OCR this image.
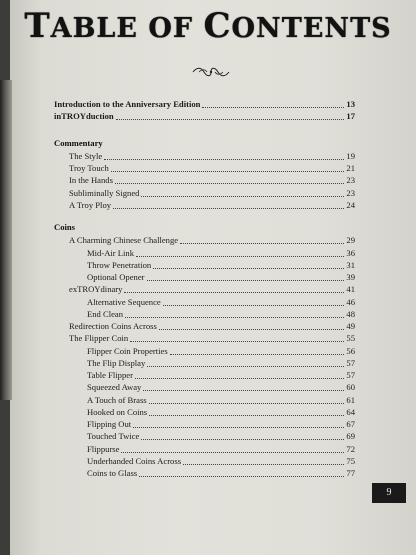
TABLE OF CONTENTS
Introduction to the Anniversary Edition	13
inTROYduction	17
Commentary
The Style	19
Troy Touch	21
In the Hands	23
Subliminally Signed	23
A Troy Ploy	24
Coins
A Charming Chinese Challenge	29
Mid-Air Link	36
Throw Penetration	31
Optional Opener	39
exTROYdinary	41
Alternative Sequence	46
End Clean	48
Redirection Coins Across	49
The Flipper Coin	55
Flipper Coin Properties	56
The Flip Display	57
Table Flipper	57
Squeezed Away	60
A Touch of Brass	61
Hooked on Coins	64
Flipping Out	67
Touched Twice	69
Flippurse	72
Underhanded Coins Across	75
Coins to Glass	77
9
